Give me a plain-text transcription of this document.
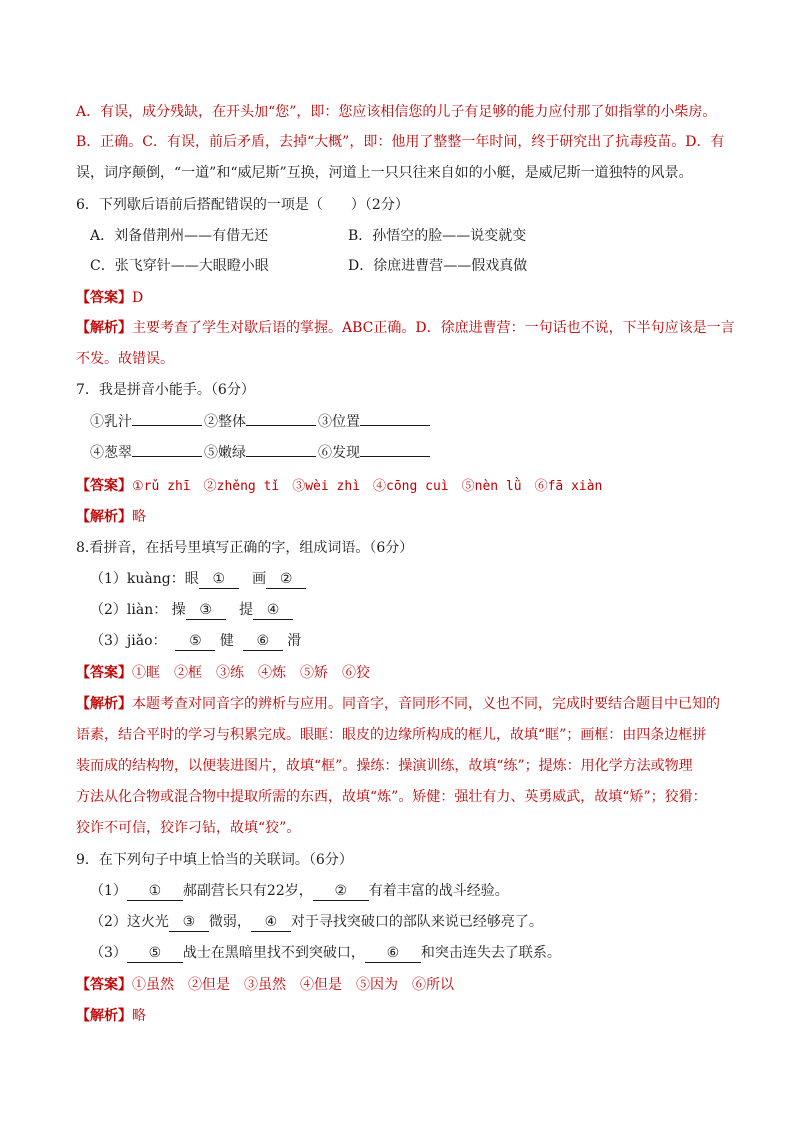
A．有误，成分残缺，在开头加“您”，即：您应该相信您的儿子有足够的能力应付那了如指掌的小柴房。
B．正确。C．有误，前后矛盾，去掉“大概”，即：他用了整整一年时间，终于研究出了抗毒疫苗。D．有
误，词序颠倒，“一道”和“威尼斯”互换，河道上一只只往来自如的小艇，是威尼斯一道独特的风景。
6．下列歇后语前后搭配错误的一项是（　　）（2分）
A．刘备借荆州——有借无还	B．孙悟空的脸——说变就变
C．张飞穿针——大眼瞪小眼	D．徐庶进曹营——假戏真做
【答案】D
【解析】主要考查了学生对歇后语的掌握。ABC正确。D．徐庶进曹营：一句话也不说，下半句应该是一言
不发。故错误。
7．我是拼音小能手。（6分）
①乳汁	②整体	③位置
④葱翠	⑤嫩绿	⑥发现
【答案】①rǔ zhī　②zhěng tǐ　③wèi zhì　④cōng cuì　⑤nèn lǜ　⑥fā xiàn
【解析】略
8.看拼音，在括号里填写正确的字，组成词语。（6分）
（1）kuàng：眼 ① 画 ②
（2）liàn： 操 ③ 提 ④
（3）jiǎo： ⑤ 健 ⑥ 滑
【答案】①眶　②框　③练　④炼　⑤矫　⑥狡
【解析】本题考查对同音字的辨析与应用。同音字，音同形不同，义也不同，完成时要结合题目中已知的
语素，结合平时的学习与积累完成。眼眶：眼皮的边缘所构成的框儿，故填“眶”；画框：由四条边框拼
装而成的结构物，以便装进图片，故填“框”。操练：操演训练，故填“练”；提炼：用化学方法或物理
方法从化合物或混合物中提取所需的东西，故填“炼”。矫健：强壮有力、英勇威武，故填“矫”；狡猾：
狡诈不可信，狡诈刁钻，故填“狡”。
9．在下列句子中填上恰当的关联词。（6分）
（1） ① 郝副营长只有22岁， ② 有着丰富的战斗经验。
（2）这火光 ③ 微弱， ④ 对于寻找突破口的部队来说已经够亮了。
（3） ⑤ 战士在黑暗里找不到突破口， ⑥ 和突击连失去了联系。
【答案】①虽然　②但是　③虽然　④但是　⑤因为　⑥所以
【解析】略
